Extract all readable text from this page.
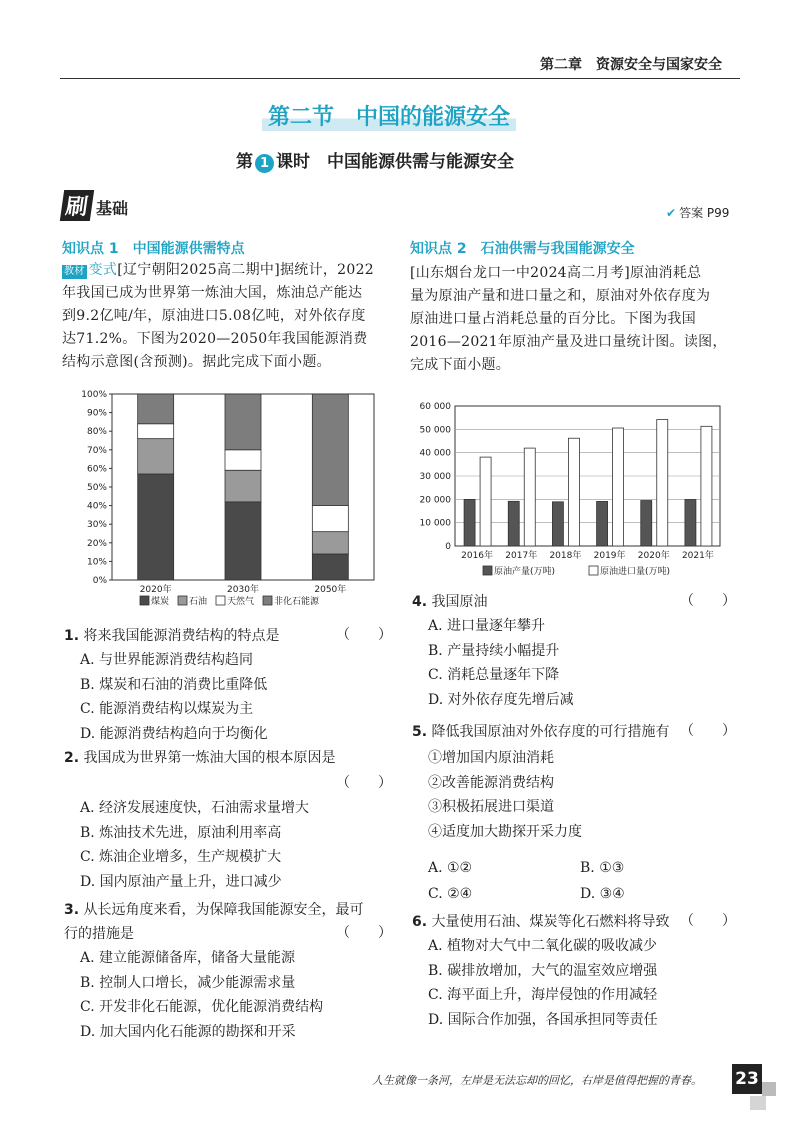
第二章　资源安全与国家安全
第二节　中国的能源安全
第 1 课时　中国能源供需与能源安全
刷 基础	✔ 答案 P99
知识点 1　中国能源供需特点
教材 变式[辽宁朝阳2025高二期中]据统计，2022
年我国已成为世界第一炼油大国，炼油总产能达
到9.2亿吨/年，原油进口5.08亿吨，对外依存度
达71.2%。下图为2020—2050年我国能源消费
结构示意图(含预测)。据此完成下面小题。
0%
10%
20%
30%
40%
50%
60%
70%
80%
90%
100%
2020年	2030年	2050年
煤炭 石油 天然气 非化石能源
1. 将来我国能源消费结构的特点是	（　　）
A. 与世界能源消费结构趋同
B. 煤炭和石油的消费比重降低
C. 能源消费结构以煤炭为主
D. 能源消费结构趋向于均衡化
2. 我国成为世界第一炼油大国的根本原因是
（　　）
A. 经济发展速度快，石油需求量增大
B. 炼油技术先进，原油利用率高
C. 炼油企业增多，生产规模扩大
D. 国内原油产量上升，进口减少
3. 从长远角度来看，为保障我国能源安全，最可
行的措施是	（　　）
A. 建立能源储备库，储备大量能源
B. 控制人口增长，减少能源需求量
C. 开发非化石能源，优化能源消费结构
D. 加大国内化石能源的勘探和开采
知识点 2　石油供需与我国能源安全
[山东烟台龙口一中2024高二月考]原油消耗总
量为原油产量和进口量之和，原油对外依存度为
原油进口量占消耗总量的百分比。下图为我国
2016—2021年原油产量及进口量统计图。读图，
完成下面小题。
0
10 000
20 000
30 000
40 000
50 000
60 000
2016年 2017年 2018年 2019年 2020年 2021年
原油产量(万吨)	原油进口量(万吨)
4. 我国原油	（　　）
A. 进口量逐年攀升
B. 产量持续小幅提升
C. 消耗总量逐年下降
D. 对外依存度先增后减
5. 降低我国原油对外依存度的可行措施有 （　　）
①增加国内原油消耗
②改善能源消费结构
③积极拓展进口渠道
④适度加大勘探开采力度
A. ①②	B. ①③
C. ②④	D. ③④
6. 大量使用石油、煤炭等化石燃料将导致 （　　）
A. 植物对大气中二氧化碳的吸收减少
B. 碳排放增加，大气的温室效应增强
C. 海平面上升，海岸侵蚀的作用减轻
D. 国际合作加强，各国承担同等责任
人生就像一条河，左岸是无法忘却的回忆，右岸是值得把握的青春。 23
